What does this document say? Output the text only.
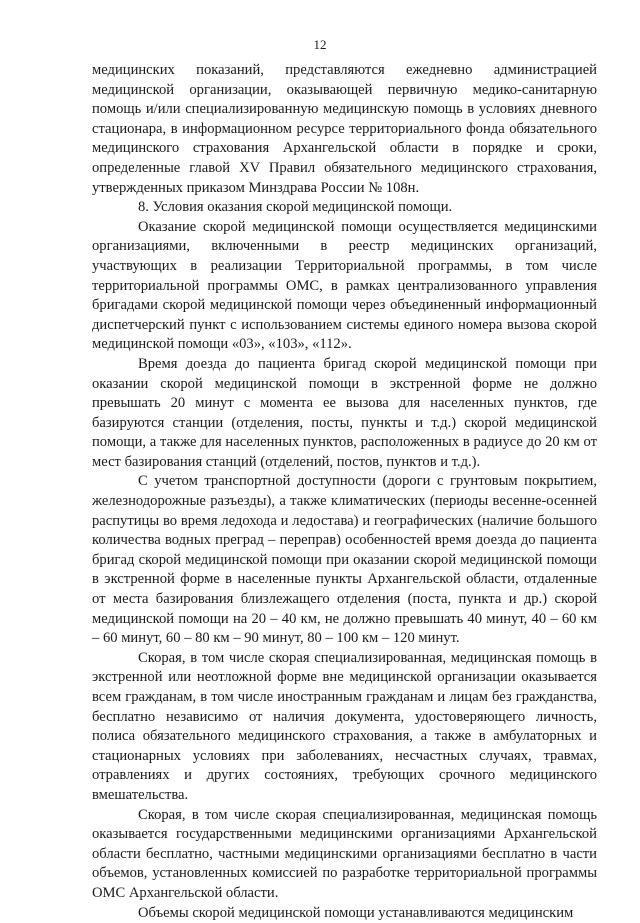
12

медицинских показаний, представляются ежедневно администрацией медицинской организации, оказывающей первичную медико-санитарную помощь и/или специализированную медицинскую помощь в условиях дневного стационара, в информационном ресурсе территориального фонда обязательного медицинского страхования Архангельской области в порядке и сроки, определенные главой XV Правил обязательного медицинского страхования, утвержденных приказом Минздрава России № 108н.

8. Условия оказания скорой медицинской помощи.

Оказание скорой медицинской помощи осуществляется медицинскими организациями, включенными в реестр медицинских организаций, участвующих в реализации Территориальной программы, в том числе территориальной программы ОМС, в рамках централизованного управления бригадами скорой медицинской помощи через объединенный информационный диспетчерский пункт с использованием системы единого номера вызова скорой медицинской помощи «03», «103», «112».

Время доезда до пациента бригад скорой медицинской помощи при оказании скорой медицинской помощи в экстренной форме не должно превышать 20 минут с момента ее вызова для населенных пунктов, где базируются станции (отделения, посты, пункты и т.д.) скорой медицинской помощи, а также для населенных пунктов, расположенных в радиусе до 20 км от мест базирования станций (отделений, постов, пунктов и т.д.).

С учетом транспортной доступности (дороги с грунтовым покрытием, железнодорожные разъезды), а также климатических (периоды весенне-осенней распутицы во время ледохода и ледостава) и географических (наличие большого количества водных преград – переправ) особенностей время доезда до пациента бригад скорой медицинской помощи при оказании скорой медицинской помощи в экстренной форме в населенные пункты Архангельской области, отдаленные от места базирования близлежащего отделения (поста, пункта и др.) скорой медицинской помощи на 20 – 40 км, не должно превышать 40 минут, 40 – 60 км – 60 минут, 60 – 80 км – 90 минут, 80 – 100 км – 120 минут.

Скорая, в том числе скорая специализированная, медицинская помощь в экстренной или неотложной форме вне медицинской организации оказывается всем гражданам, в том числе иностранным гражданам и лицам без гражданства, бесплатно независимо от наличия документа, удостоверяющего личность, полиса обязательного медицинского страхования, а также в амбулаторных и стационарных условиях при заболеваниях, несчастных случаях, травмах, отравлениях и других состояниях, требующих срочного медицинского вмешательства.

Скорая, в том числе скорая специализированная, медицинская помощь оказывается государственными медицинскими организациями Архангельской области бесплатно, частными медицинскими организациями бесплатно в части объемов, установленных комиссией по разработке территориальной программы ОМС Архангельской области.

Объемы скорой медицинской помощи устанавливаются медицинским
